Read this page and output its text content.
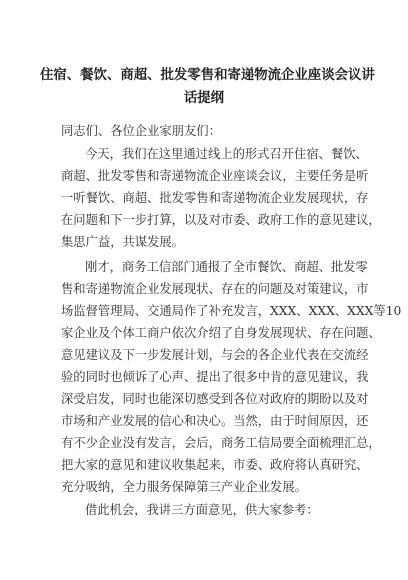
住宿、餐饮、商超、批发零售和寄递物流企业座谈会议讲
话提纲
同志们、各位企业家朋友们：
今天，我们在这里通过线上的形式召开住宿、餐饮、
商超、批发零售和寄递物流企业座谈会议，主要任务是听
一听餐饮、商超、批发零售和寄递物流企业发展现状，存
在问题和下一步打算，以及对市委、政府工作的意见建议，
集思广益，共谋发展。
刚才，商务工信部门通报了全市餐饮、商超、批发零
售和寄递物流企业发展现状、存在的问题及对策建议，市
场监督管理局、交通局作了补充发言，XXX、XXX、XXX等10
家企业及个体工商户依次介绍了自身发展现状、存在问题、
意见建议及下一步发展计划，与会的各企业代表在交流经
验的同时也倾诉了心声、提出了很多中肯的意见建议，我
深受启发，同时也能深切感受到各位对政府的期盼以及对
市场和产业发展的信心和决心。当然，由于时间原因，还
有不少企业没有发言，会后，商务工信局要全面梳理汇总，
把大家的意见和建议收集起来，市委、政府将认真研究、
充分吸纳，全力服务保障第三产业企业发展。
借此机会，我讲三方面意见，供大家参考：
